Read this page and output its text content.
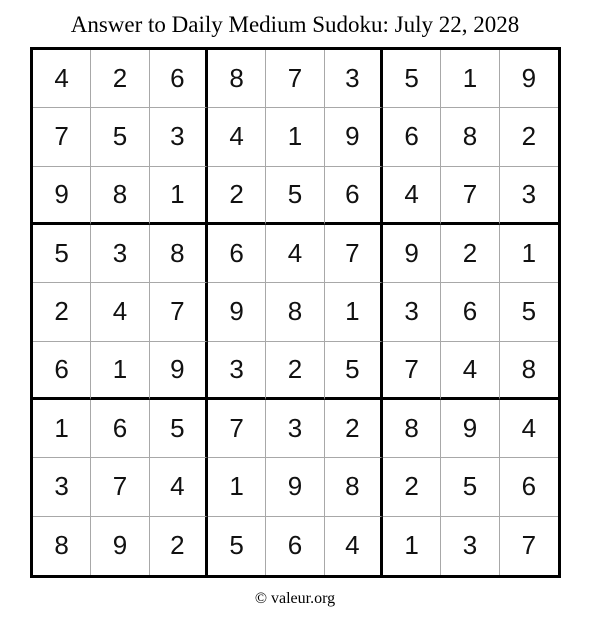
Answer to Daily Medium Sudoku: July 22, 2028
4	2	6	8	7	3	5	1	9
7	5	3	4	1	9	6	8	2
9	8	1	2	5	6	4	7	3
5	3	8	6	4	7	9	2	1
2	4	7	9	8	1	3	6	5
6	1	9	3	2	5	7	4	8
1	6	5	7	3	2	8	9	4
3	7	4	1	9	8	2	5	6
8	9	2	5	6	4	1	3	7
© valeur.org
